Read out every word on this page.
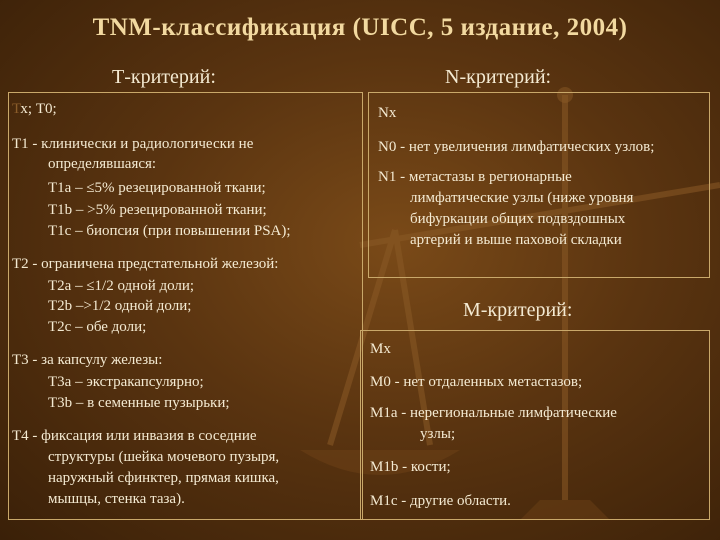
TNM-классификация (UICC, 5 издание, 2004)
Т-критерий:	N-критерий:
Тх; Т0;
Т1 - клинически и радиологически не
определявшаяся:
Т1а – ≤5% резецированной ткани;
Т1b – >5% резецированной ткани;
Т1с – биопсия (при повышении PSA);
Т2 - ограничена предстательной железой:
Т2а – ≤1/2 одной доли;
Т2b –>1/2 одной доли;
Т2с – обе доли;
Т3 - за капсулу железы:
Т3а – экстракапсулярно;
Т3b – в семенные пузырьки;
Т4 - фиксация или инвазия в соседние
структуры (шейка мочевого пузыря,
наружный сфинктер, прямая кишка,
мышцы, стенка таза).
Nх
N0 - нет увеличения лимфатических узлов;
N1 - метастазы в регионарные
лимфатические узлы (ниже уровня
бифуркации общих подвздошных
артерий и выше паховой складки
M-критерий:
Мх
М0 - нет отдаленных метастазов;
М1а - нерегиональные лимфатические
узлы;
М1b - кости;
М1с - другие области.
